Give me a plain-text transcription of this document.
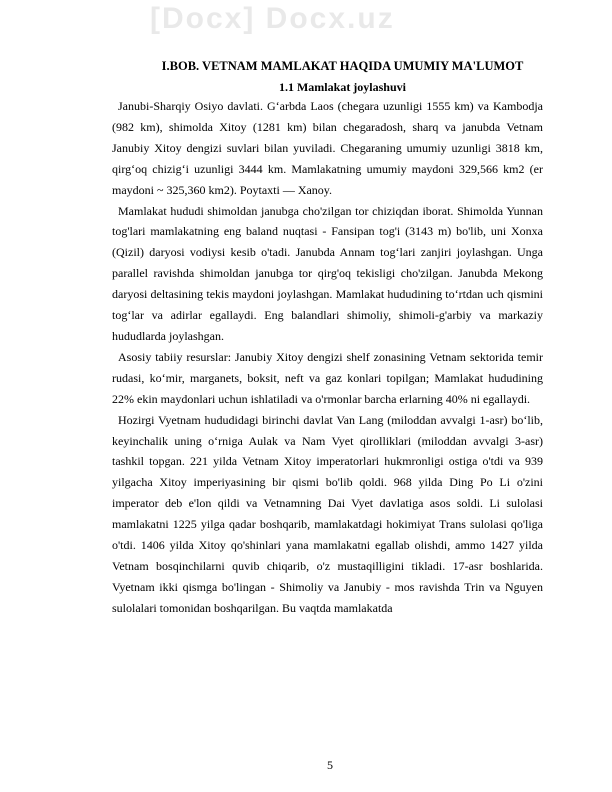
[Docx] Docx.uz
I.BOB. VETNAM MAMLAKAT HAQIDA UMUMIY MA'LUMOT
1.1 Mamlakat joylashuvi

Janubi-Sharqiy Osiyo davlati. G‘arbda Laos (chegara uzunligi 1555 km) va Kambodja (982 km), shimolda Xitoy (1281 km) bilan chegaradosh, sharq va janubda Vetnam Janubiy Xitoy dengizi suvlari bilan yuviladi. Chegaraning umumiy uzunligi 3818 km, qirg‘oq chizig‘i uzunligi 3444 km. Mamlakatning umumiy maydoni 329,566 km2 (er maydoni ~ 325,360 km2). Poytaxti — Xanoy.

Mamlakat hududi shimoldan janubga cho'zilgan tor chiziqdan iborat. Shimolda Yunnan tog'lari mamlakatning eng baland nuqtasi - Fansipan tog'i (3143 m) bo'lib, uni Xonxa (Qizil) daryosi vodiysi kesib o'tadi. Janubda Annam tog‘lari zanjiri joylashgan. Unga parallel ravishda shimoldan janubga tor qirg'oq tekisligi cho'zilgan. Janubda Mekong daryosi deltasining tekis maydoni joylashgan. Mamlakat hududining to‘rtdan uch qismini tog‘lar va adirlar egallaydi. Eng balandlari shimoliy, shimoli-g'arbiy va markaziy hududlarda joylashgan.

Asosiy tabiiy resurslar: Janubiy Xitoy dengizi shelf zonasining Vetnam sektorida temir rudasi, ko‘mir, marganets, boksit, neft va gaz konlari topilgan; Mamlakat hududining 22% ekin maydonlari uchun ishlatiladi va o'rmonlar barcha erlarning 40% ni egallaydi.

Hozirgi Vyetnam hududidagi birinchi davlat Van Lang (miloddan avvalgi 1-asr) bo‘lib, keyinchalik uning o‘rniga Aulak va Nam Vyet qirolliklari (miloddan avvalgi 3-asr) tashkil topgan. 221 yilda Vetnam Xitoy imperatorlari hukmronligi ostiga o'tdi va 939 yilgacha Xitoy imperiyasining bir qismi bo'lib qoldi. 968 yilda Ding Po Li o'zini imperator deb e'lon qildi va Vetnamning Dai Vyet davlatiga asos soldi. Li sulolasi mamlakatni 1225 yilga qadar boshqarib, mamlakatdagi hokimiyat Trans sulolasi qo'liga o'tdi. 1406 yilda Xitoy qo'shinlari yana mamlakatni egallab olishdi, ammo 1427 yilda Vetnam bosqinchilarni quvib chiqarib, o'z mustaqilligini tikladi. 17-asr boshlarida. Vyetnam ikki qismga bo'lingan - Shimoliy va Janubiy - mos ravishda Trin va Nguyen sulolalari tomonidan boshqarilgan. Bu vaqtda mamlakatda

5
